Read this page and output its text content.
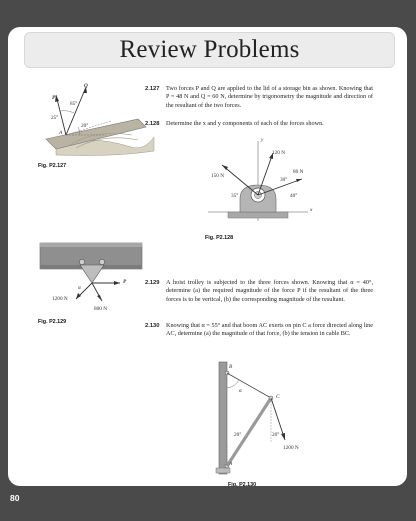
Review Problems
Q
P
85°
25°
20°
A
Fig. P2.127
2.127 Two forces P and Q are applied to the lid of a storage bin as shown. Knowing that P = 48 N and Q = 60 N, determine by trigonometry the magnitude and direction of the resultant of the two forces.
2.128 Determine the x and y components of each of the forces shown.
120 N
150 N
80 N
30°
35°	40°
y
x
Fig. P2.128
P
α
1200 N
800 N
Fig. P2.129
2.129 A hoist trolley is subjected to the three forces shown. Knowing that α = 40°, determine (a) the required magnitude of the force P if the resultant of the three forces is to be vertical, (b) the corresponding magnitude of the resultant.
2.130 Knowing that α = 55° and that boom AC exerts on pin C a force directed along line AC, determine (a) the magnitude of that force, (b) the tension in cable BC.
B
C
α
20°	20°
1200 N
A
Fig. P2.130
80
